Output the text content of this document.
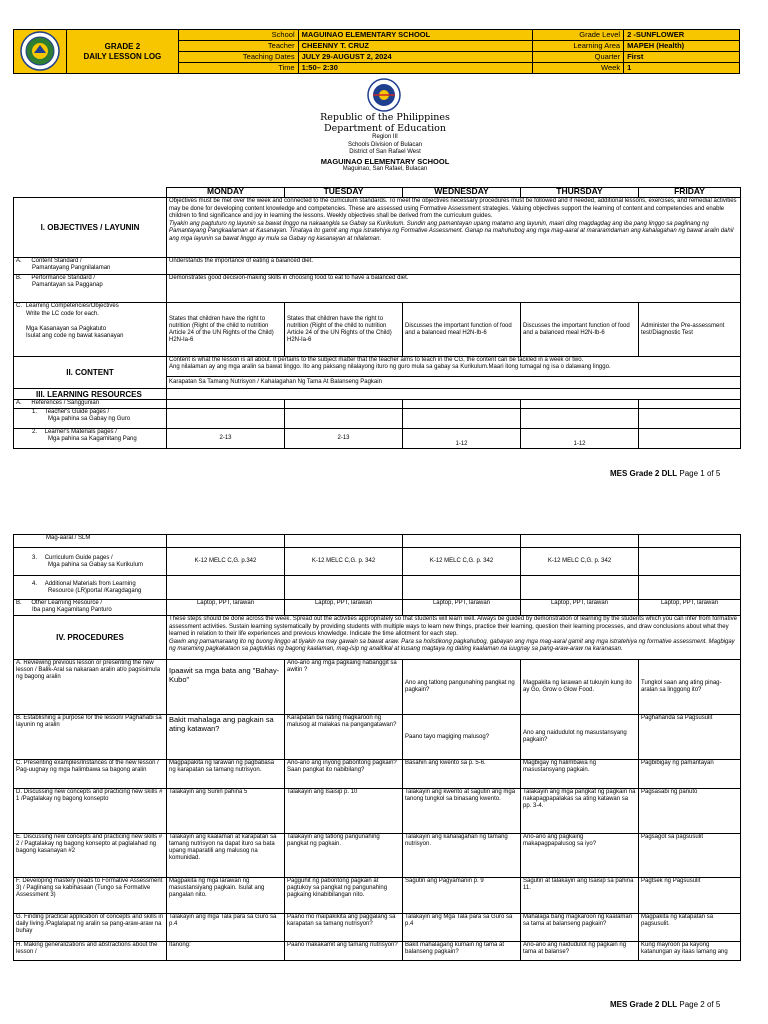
GRADE 2
DAILY LESSON LOG	School	MAGUINAO ELEMENTARY SCHOOL	Grade Level	2 -SUNFLOWER
		Teacher	CHEENNY T. CRUZ	Learning Area	MAPEH (Health)
		Teaching Dates	JULY 29-AUGUST 2, 2024	Quarter	First
		Time	1:50– 2:30	Week	1
Republic of the Philippines
Department of Education
Region III
Schools Division of Bulacan
District of San Rafael West
MAGUINAO ELEMENTARY SCHOOL
Maguinao, San Rafael, Bulacan
	MONDAY	TUESDAY	WEDNESDAY	THURSDAY	FRIDAY
I. OBJECTIVES / LAYUNIN	Objectives must be met over the week and connected to the curriculum standards. To meet the objectives necessary procedures must be followed and if needed, additional lessons, exercises, and remedial activities may be done for developing content knowledge and competencies. These are assessed using Formative Assessment strategies. Valuing objectives support the learning of content and competencies and enable children to find significance and joy in learning the lessons. Weekly objectives shall be derived from the curriculum guides.
Tiyakin ang pagtuturo ng layunin sa bawat linggo na nakaangkla sa Gabay sa Kurikulum. Sundin ang pamantayan upang matamo ang layunin, maari ding magdagdag ang iba pang linggo sa paglinang ng Pamantayang Pangkaalaman at Kasanayan. Tinataya ito gamit ang mga istratehiya ng Formative Assessment. Ganap na mahuhubog ang mga mag-aaral at mararamdaman ang kahalagahan ng bawat aralin dahil ang mga layunin sa bawat linggo ay mula sa Gabay ng kasanayan at nilalaman.				

A. Content Standard /
Pamantayang Pangnilalaman	Understands the importance of eating a balanced diet.				
B. Performance Standard /
Pamantayan sa Pagganap	Demonstrates good decision-making skills in choosing food to eat to have a balanced diet.				
C. Learning Competencies/Objectives
Write the LC code for each.

Mga Kasanayan sa Pagkatuto
Isulat ang code ng bawat kasanayan	States that children have the right to nutrition (Right of the child to nutrition Article 24 of the UN Rights of the Child) H2N-Ia-6	States that children have the right to nutrition (Right of the child to nutrition Article 24 of the UN Rights of the Child) H2N-Ia-6	Discusses the important function of food and a balanced meal H2N-Ib-6	Discusses the important function of food and a balanced meal H2N-Ib-6	Administer the Pre-assessment test/Diagnostic Test
II. CONTENT	Content is what the lesson is all about. It pertains to the subject matter that the teacher aims to teach in the CG, the content can be tackled in a week or two.
Ang nilalaman ay ang mga aralin sa bawat linggo. Ito ang paksang nilalayong ituro ng guro mula sa gabay sa Kurikulum.Maari itong tumagal ng isa o dalawang linggo.				

	Karapatan Sa Tamang Nutrisyon / Kahalagahan Ng Tama At Balanseng Pagkain				
III. LEARNING RESOURCES					
A. References / Sanggunian					
1. Teacher's Guide pages /
Mga pahina sa Gabay ng Guro					
2. Learner's Materials pages /
Mga pahina sa Kagamitang Pang	2-13	2-13	1-12	1-12	
MES Grade 2 DLL Page 1 of 5
Mag-aaral / SLM					
3. Curriculum Guide pages /
Mga pahina sa Gabay sa Kurikulum	K-12 MELC C,G. p.342	K-12 MELC C,G. p. 342	K-12 MELC C,G. p. 342	K-12 MELC C,G. p. 342	
4. Additional Materials from Learning
Resource (LR)portal /Karagdagang					
B. Other Learning Resource /
Iba pang Kagamitang Panturo	Laptop, PPT, larawan	Laptop, PPT, larawan	Laptop, PPT, larawan	Laptop, PPT, larawan	Laptop, PPT, larawan
IV. PROCEDURES	These steps should be done across the week. Spread out the activities appropriately so that students will learn well. Always be guided by demonstration of learning by the students which you can infer from formative assessment activities. Sustain learning systematically by providing students with multiple ways to learn new things, practice their learning, question their learning processes, and draw conclusions about what they learned in relation to their life experiences and previous knowledge. Indicate the time allotment for each step.
Gawin ang pamamaraang ito ng buong linggo at tiyakin na may gawain sa bawat araw. Para sa holistikong pagkahubog, gabayan ang mga mag-aaral gamit ang mga istratehiya ng formative assessment. Magbigay ng maraming pagkakataon sa pagtuklas ng bagong kaalaman, mag-isip ng analitikal at kusang magtaya ng dating kaalaman na iuugnay sa pang-araw-araw na karanasan.				

A. Reviewing previous lesson or presenting the new lesson / Balik-Aral sa nakaraan aralin at/o pagsisimula ng bagong aralin	Ipaawit sa mga bata ang "Bahay-Kubo"	Ano-ano ang mga pagkaing nabanggit sa awitin ?	Ano ang tatlong pangunahing pangkat ng pagkain?	Magpakita ng larawan at tukuyin kung ito ay Go, Grow o Glow Food.	Tungkol saan ang ating pinag-aralan sa linggong ito?
B. Establishing a purpose for the lesson/ Paghahabi sa layunin ng aralin	Bakit mahalaga ang pagkain sa ating katawan?	Karapatan ba nating magkaroon ng malusog at malakas na pangangatawan?	Paano tayo magiging malusog?	Ano ang naidudulot ng masustansyang pagkain?	Paghahanda sa Pagsusulit
C. Presenting examples/Instances of the new lesson / Pag-uugnay ng mga halimbawa sa bagong aralin	Magpapakita ng larawan ng pagbabasa ng karapatan sa tamang nutrisyon.	Ano-ano ang inyong paboritong pagkain? Saan pangkat ito nabibilang?	Basahin ang kwento sa p. 5-6.	Magbigay ng halimbawa ng masustansyang pagkain.	Pagbibigay ng pamantayan
D. Discussing new concepts and practicing new skills # 1 /Pagtalakay ng bagong konsepto	Talakayin ang Suriin pahina 5	Talakayin ang Isaisip p. 10	Talakayin ang kwento at sagutin ang mga tanong tungkol sa binasang kwento.	Talakayin ang mga pangkat ng pagkain na nakapagpapalakas sa ating katawan sa pp. 3-4.	Pagsasabi ng panuto
E. Discussing new concepts and practicing new skills # 2 / Pagtalakay ng bagong konsepto at paglalahad ng bagong kasanayan #2	Talakayin ang kaalaman at karapatan sa tamang nutrisyon na dapat ituro sa bata upang maparatili ang malusog na komunidad.	Talakayin ang tatlong pangunahing pangkat ng pagkain.	Talakayin ang kahalagahan ng tamang nutrisyon.	Ano-ano ang pagkaing makapagpapalusog sa iyo?	Pagsagot sa pagsusulit
F. Developing mastery (leads to Formative Assessment 3) / Paglinang sa kabihasaan (Tungo sa Formative Assessment 3)	Magpakita ng mga larawan ng masustansiyang pagkain. Isulat ang pangalan nito.	Pagguhit ng paboritong pagkain at pagtukoy sa pangkat ng pangunahing pagkaing kinabibilangan nito.	Sagutin ang Pagyamanin p. 9	Sagutin at talakayin ang Isaisip sa pahina 11.	Pagtsek ng Pagsusulit
G. Finding practical application of concepts and skills in daily living /Paglalapat ng aralin sa pang-araw-araw na buhay	Talakayin ang mga Tala para sa Guro sa p.4	Paano mo maipakikita ang paggalang sa karapatan sa tamang nutrisyon?	Talakayin ang Mga Tala para sa Guro sa p.4	Mahalaga bang magkaroon ng kaalaman sa tama at balanseng pagkain?	Magpakita ng katapatan sa pagsusulit.
H. Making generalizations and abstractions about the lesson /	Itanong:	Paano makakamit ang tamang nutrisyon?	Bakit mahalagang kumain ng tama at balanseng pagkain?	Ano-ano ang naidudulot ng pagkain ng tama at balanse?	Kung mayroon pa kayong katanungan ay itaas lamang ang
MES Grade 2 DLL Page 2 of 5
